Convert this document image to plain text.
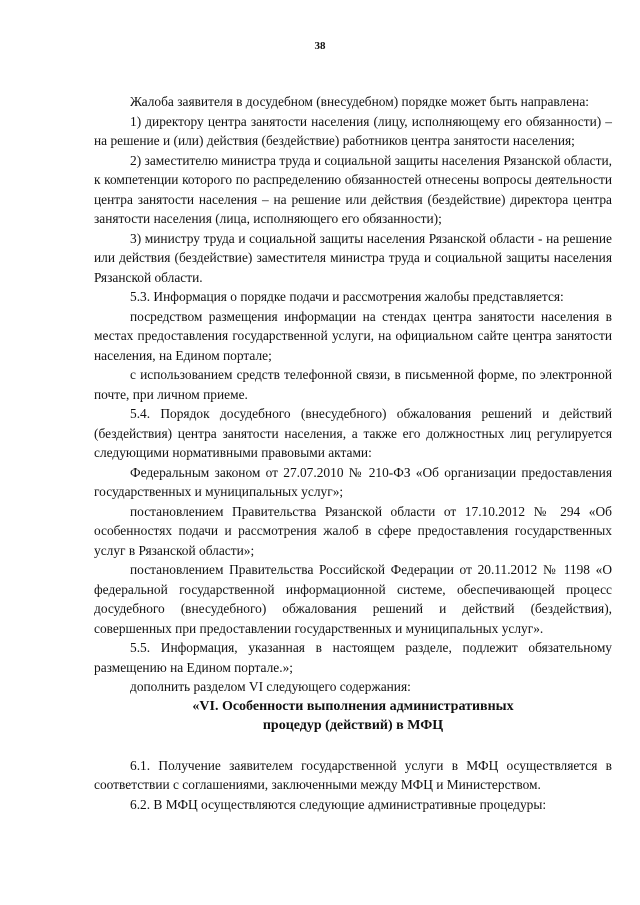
38

Жалоба заявителя в досудебном (внесудебном) порядке может быть направлена:

1) директору центра занятости населения (лицу, исполняющему его обязанности) – на решение и (или) действия (бездействие) работников центра занятости населения;

2) заместителю министра труда и социальной защиты населения Рязанской области, к компетенции которого по распределению обязанностей отнесены вопросы деятельности центра занятости населения – на решение или действия (бездействие) директора центра занятости населения (лица, исполняющего его обязанности);

3) министру труда и социальной защиты населения Рязанской области - на решение или действия (бездействие) заместителя министра труда и социальной защиты населения Рязанской области.

5.3. Информация о порядке подачи и рассмотрения жалобы представляется:

посредством размещения информации на стендах центра занятости населения в местах предоставления государственной услуги, на официальном сайте центра занятости населения, на Едином портале;

с использованием средств телефонной связи, в письменной форме, по электронной почте, при личном приеме.

5.4. Порядок досудебного (внесудебного) обжалования решений и действий (бездействия) центра занятости населения, а также его должностных лиц регулируется следующими нормативными правовыми актами:

Федеральным законом от 27.07.2010 № 210-ФЗ «Об организации предоставления государственных и муниципальных услуг»;

постановлением Правительства Рязанской области от 17.10.2012 № 294 «Об особенностях подачи и рассмотрения жалоб в сфере предоставления государственных услуг в Рязанской области»;

постановлением Правительства Российской Федерации от 20.11.2012 № 1198 «О федеральной государственной информационной системе, обеспечивающей процесс досудебного (внесудебного) обжалования решений и действий (бездействия), совершенных при предоставлении государственных и муниципальных услуг».

5.5. Информация, указанная в настоящем разделе, подлежит обязательному размещению на Едином портале.»;

дополнить разделом VI следующего содержания:

«VI. Особенности выполнения административных
процедур (действий) в МФЦ

6.1. Получение заявителем государственной услуги в МФЦ осуществляется в соответствии с соглашениями, заключенными между МФЦ и Министерством.

6.2. В МФЦ осуществляются следующие административные процедуры:
